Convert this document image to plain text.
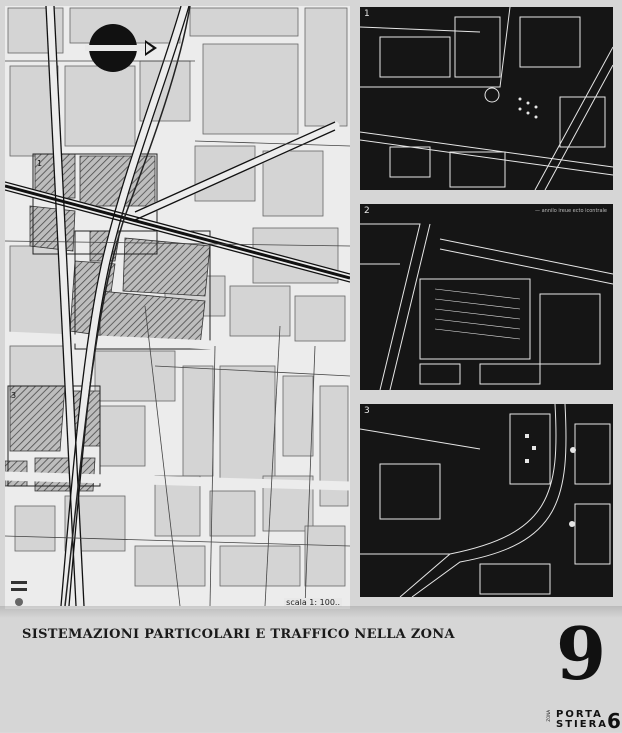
1
3
scala 1: 100..
1
2	— annilo ireue ecto icontrale
3
SISTEMAZIONI PARTICOLARI E TRAFFICO NELLA ZONA 9
ZONA PORTA
STIERA
6
